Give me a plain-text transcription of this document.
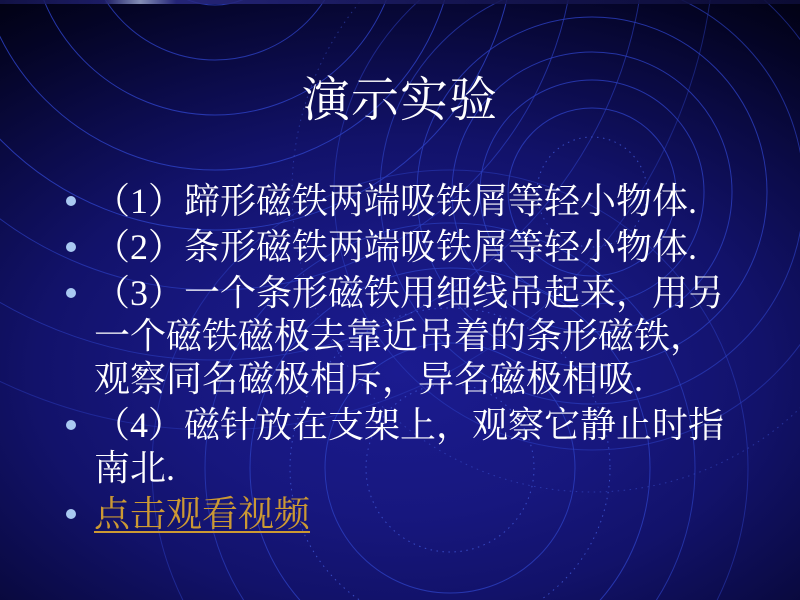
演示实验
（1）蹄形磁铁两端吸铁屑等轻小物体.
（2）条形磁铁两端吸铁屑等轻小物体.
（3）一个条形磁铁用细线吊起来，用另一个磁铁磁极去靠近吊着的条形磁铁，观察同名磁极相斥，异名磁极相吸.
（4）磁针放在支架上，观察它静止时指南北.
点击观看视频
